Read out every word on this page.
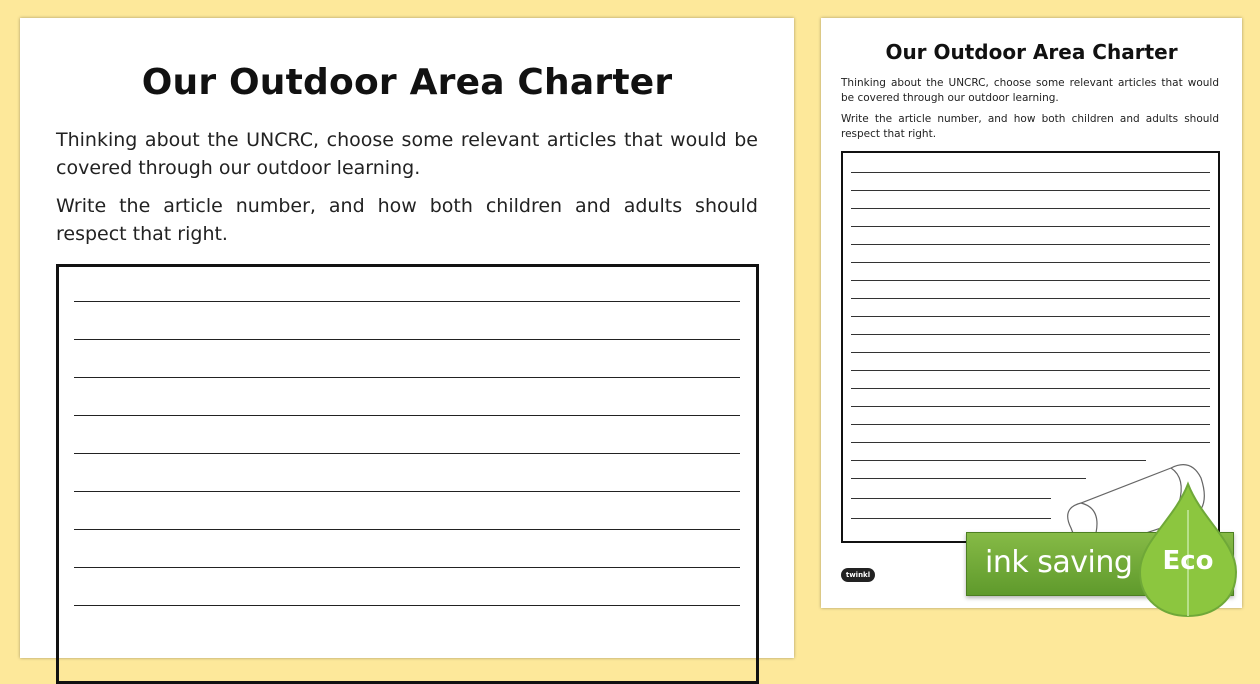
Our Outdoor Area Charter
Thinking about the UNCRC, choose some relevant articles that would be covered through our outdoor learning.
Write the article number, and how both children and adults should respect that right.
Our Outdoor Area Charter
Thinking about the UNCRC, choose some relevant articles that would be covered through our outdoor learning.
Write the article number, and how both children and adults should respect that right.
twinkl	ink saving Eco
